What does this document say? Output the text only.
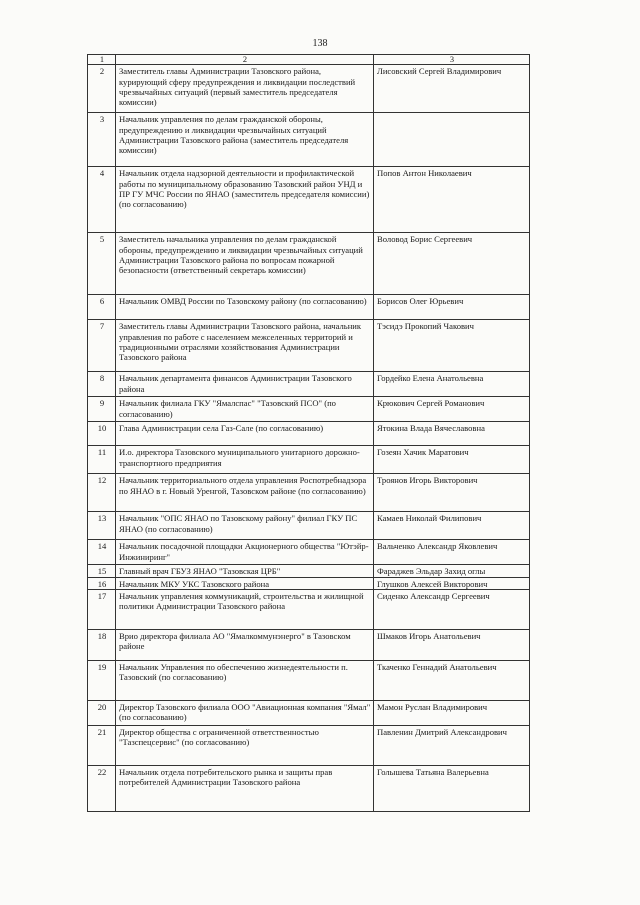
138
1	2	3
2	Заместитель главы Администрации Тазовского района, курирующий сферу предупреждения и ликвидации последствий чрезвычайных ситуаций (первый заместитель председателя комиссии)	Лисовский Сергей Владимирович
3	Начальник управления по делам гражданской обороны, предупреждению и ликвидации чрезвычайных ситуаций Администрации Тазовского района (заместитель председателя комиссии)	
4	Начальник отдела надзорной деятельности и профилактической работы по муниципальному образованию Тазовский район УНД и ПР ГУ МЧС России по ЯНАО (заместитель председателя комиссии) (по согласованию)	Попов Антон Николаевич
5	Заместитель начальника управления по делам гражданской обороны, предупреждению и ликвидации чрезвычайных ситуаций Администрации Тазовского района по вопросам пожарной безопасности (ответственный секретарь комиссии)	Воловод Борис Сергеевич
6	Начальник ОМВД России по Тазовскому району (по согласованию)	Борисов Олег Юрьевич
7	Заместитель главы Администрации Тазовского района, начальник управления по работе с населением межселенных территорий и традиционными отраслями хозяйствования Администрации Тазовского района	Тэсидэ Прокопий Чакович
8	Начальник департамента финансов Администрации Тазовского района	Гордейко Елена Анатольевна
9	Начальник филиала ГКУ "Ямалспас" "Тазовский ПСО" (по согласованию)	Крюкович Сергей Романович
10	Глава Администрации села Газ-Сале (по согласованию)	Ятокина Влада Вячеславовна
11	И.о. директора Тазовского муниципального унитарного дорожно-транспортного предприятия	Гозеян Хачик Маратович
12	Начальник территориального отдела управления Роспотребнадзора по ЯНАО в г. Новый Уренгой, Тазовском районе (по согласованию)	Троянов Игорь Викторович
13	Начальник "ОПС ЯНАО по Тазовскому району" филиал ГКУ ПС ЯНАО (по согласованию)	Камаев Николай Филипович
14	Начальник посадочной площадки Акционерного общества "Ютэйр-Инжиниринг"	Вальченко Александр Яковлевич
15	Главный врач ГБУЗ ЯНАО "Тазовская ЦРБ"	Фараджев Эльдар Захид оглы
16	Начальник МКУ УКС Тазовского района	Глушков Алексей Викторович
17	Начальник управления коммуникаций, строительства и жилищной политики Администрации Тазовского района	Сиденко Александр Сергеевич
18	Врио директора филиала АО "Ямалкоммунэнерго" в Тазовском районе	Шмаков Игорь Анатольевич
19	Начальник Управления по обеспечению жизнедеятельности п. Тазовский (по согласованию)	Ткаченко Геннадий Анатольевич
20	Директор Тазовского филиала ООО "Авиационная компания "Ямал" (по согласованию)	Мамон Руслан Владимирович
21	Директор общества с ограниченной ответственностью "Тазспецсервис" (по согласованию)	Павленин Дмитрий Александрович
22	Начальник отдела потребительского рынка и защиты прав потребителей Администрации Тазовского района	Голышева Татьяна Валерьевна
